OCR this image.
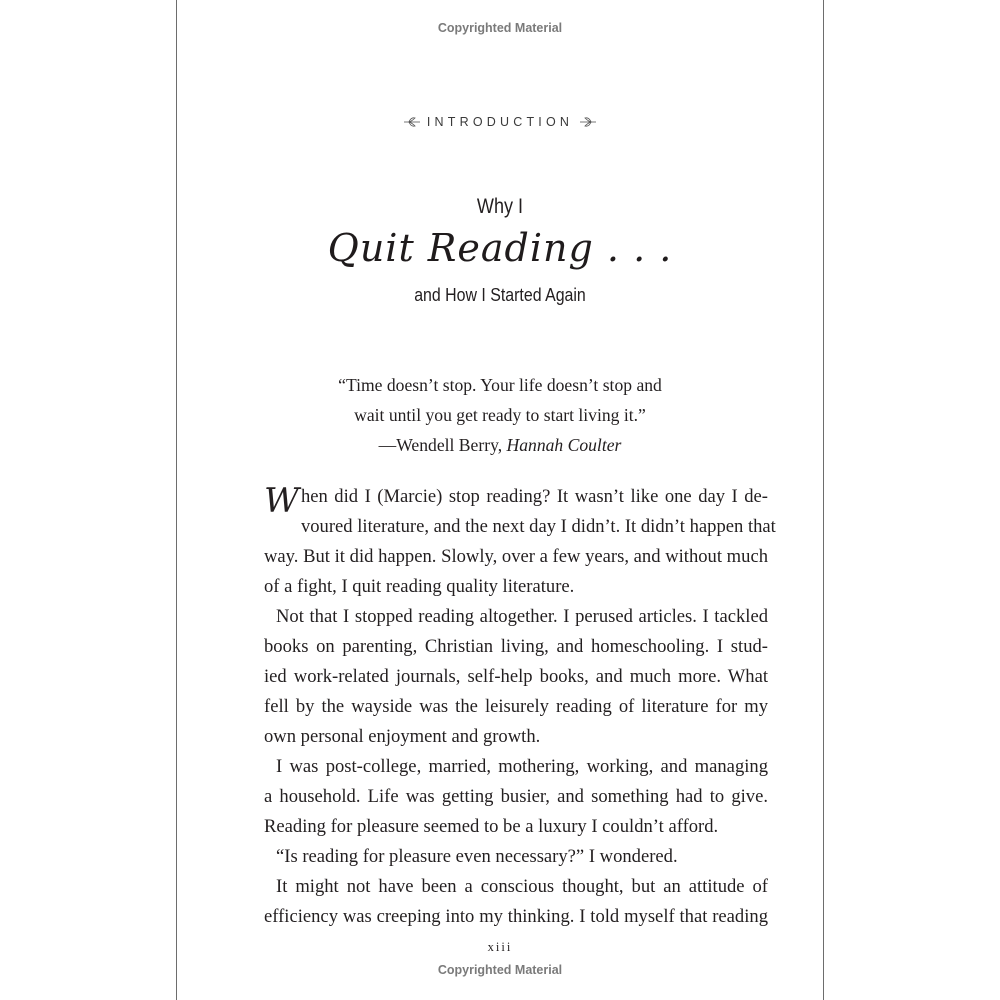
Copyrighted Material
INTRODUCTION
Why I
Quit Reading . . .
and How I Started Again
“Time doesn’t stop. Your life doesn’t stop and
wait until you get ready to start living it.”
—Wendell Berry, Hannah Coulter

When did I (Marcie) stop reading? It wasn’t like one day I de-
voured literature, and the next day I didn’t. It didn’t happen that
way. But it did happen. Slowly, over a few years, and without much
of a fight, I quit reading quality literature.

Not that I stopped reading altogether. I perused articles. I tackled
books on parenting, Christian living, and homeschooling. I stud-
ied work-related journals, self-help books, and much more. What
fell by the wayside was the leisurely reading of literature for my
own personal enjoyment and growth.

I was post-college, married, mothering, working, and managing
a household. Life was getting busier, and something had to give.
Reading for pleasure seemed to be a luxury I couldn’t afford.

“Is reading for pleasure even necessary?” I wondered.

It might not have been a conscious thought, but an attitude of
efficiency was creeping into my thinking. I told myself that reading

xiii
Copyrighted Material
